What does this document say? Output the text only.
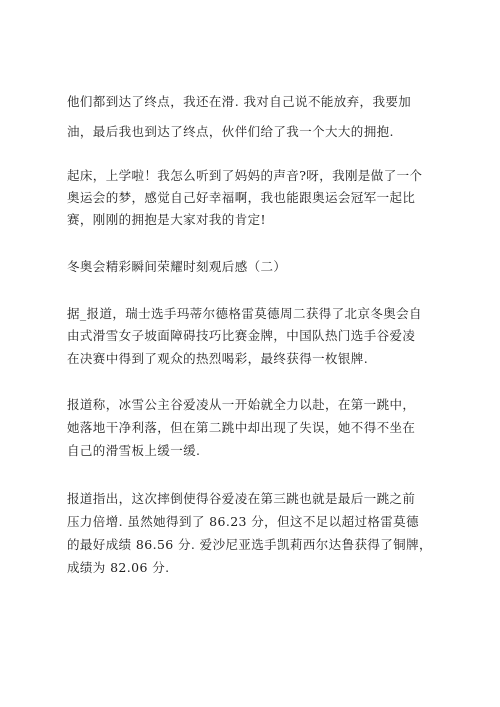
他们都到达了终点，我还在滑. 我对自己说不能放弃，我要加
油，最后我也到达了终点，伙伴们给了我一个大大的拥抱.
起床，上学啦！我怎么听到了妈妈的声音?呀，我刚是做了一个
奥运会的梦，感觉自己好幸福啊，我也能跟奥运会冠军一起比
赛，刚刚的拥抱是大家对我的肯定!
冬奥会精彩瞬间荣耀时刻观后感（二）
据_报道，瑞士选手玛蒂尔德格雷莫德周二获得了北京冬奥会自
由式滑雪女子坡面障碍技巧比赛金牌，中国队热门选手谷爱凌
在决赛中得到了观众的热烈喝彩，最终获得一枚银牌.
报道称，冰雪公主谷爱凌从一开始就全力以赴，在第一跳中，
她落地干净利落，但在第二跳中却出现了失误，她不得不坐在
自己的滑雪板上缓一缓.
报道指出，这次摔倒使得谷爱凌在第三跳也就是最后一跳之前
压力倍增. 虽然她得到了 86.23 分，但这不足以超过格雷莫德
的最好成绩 86.56 分. 爱沙尼亚选手凯莉西尔达鲁获得了铜牌，
成绩为 82.06 分.
